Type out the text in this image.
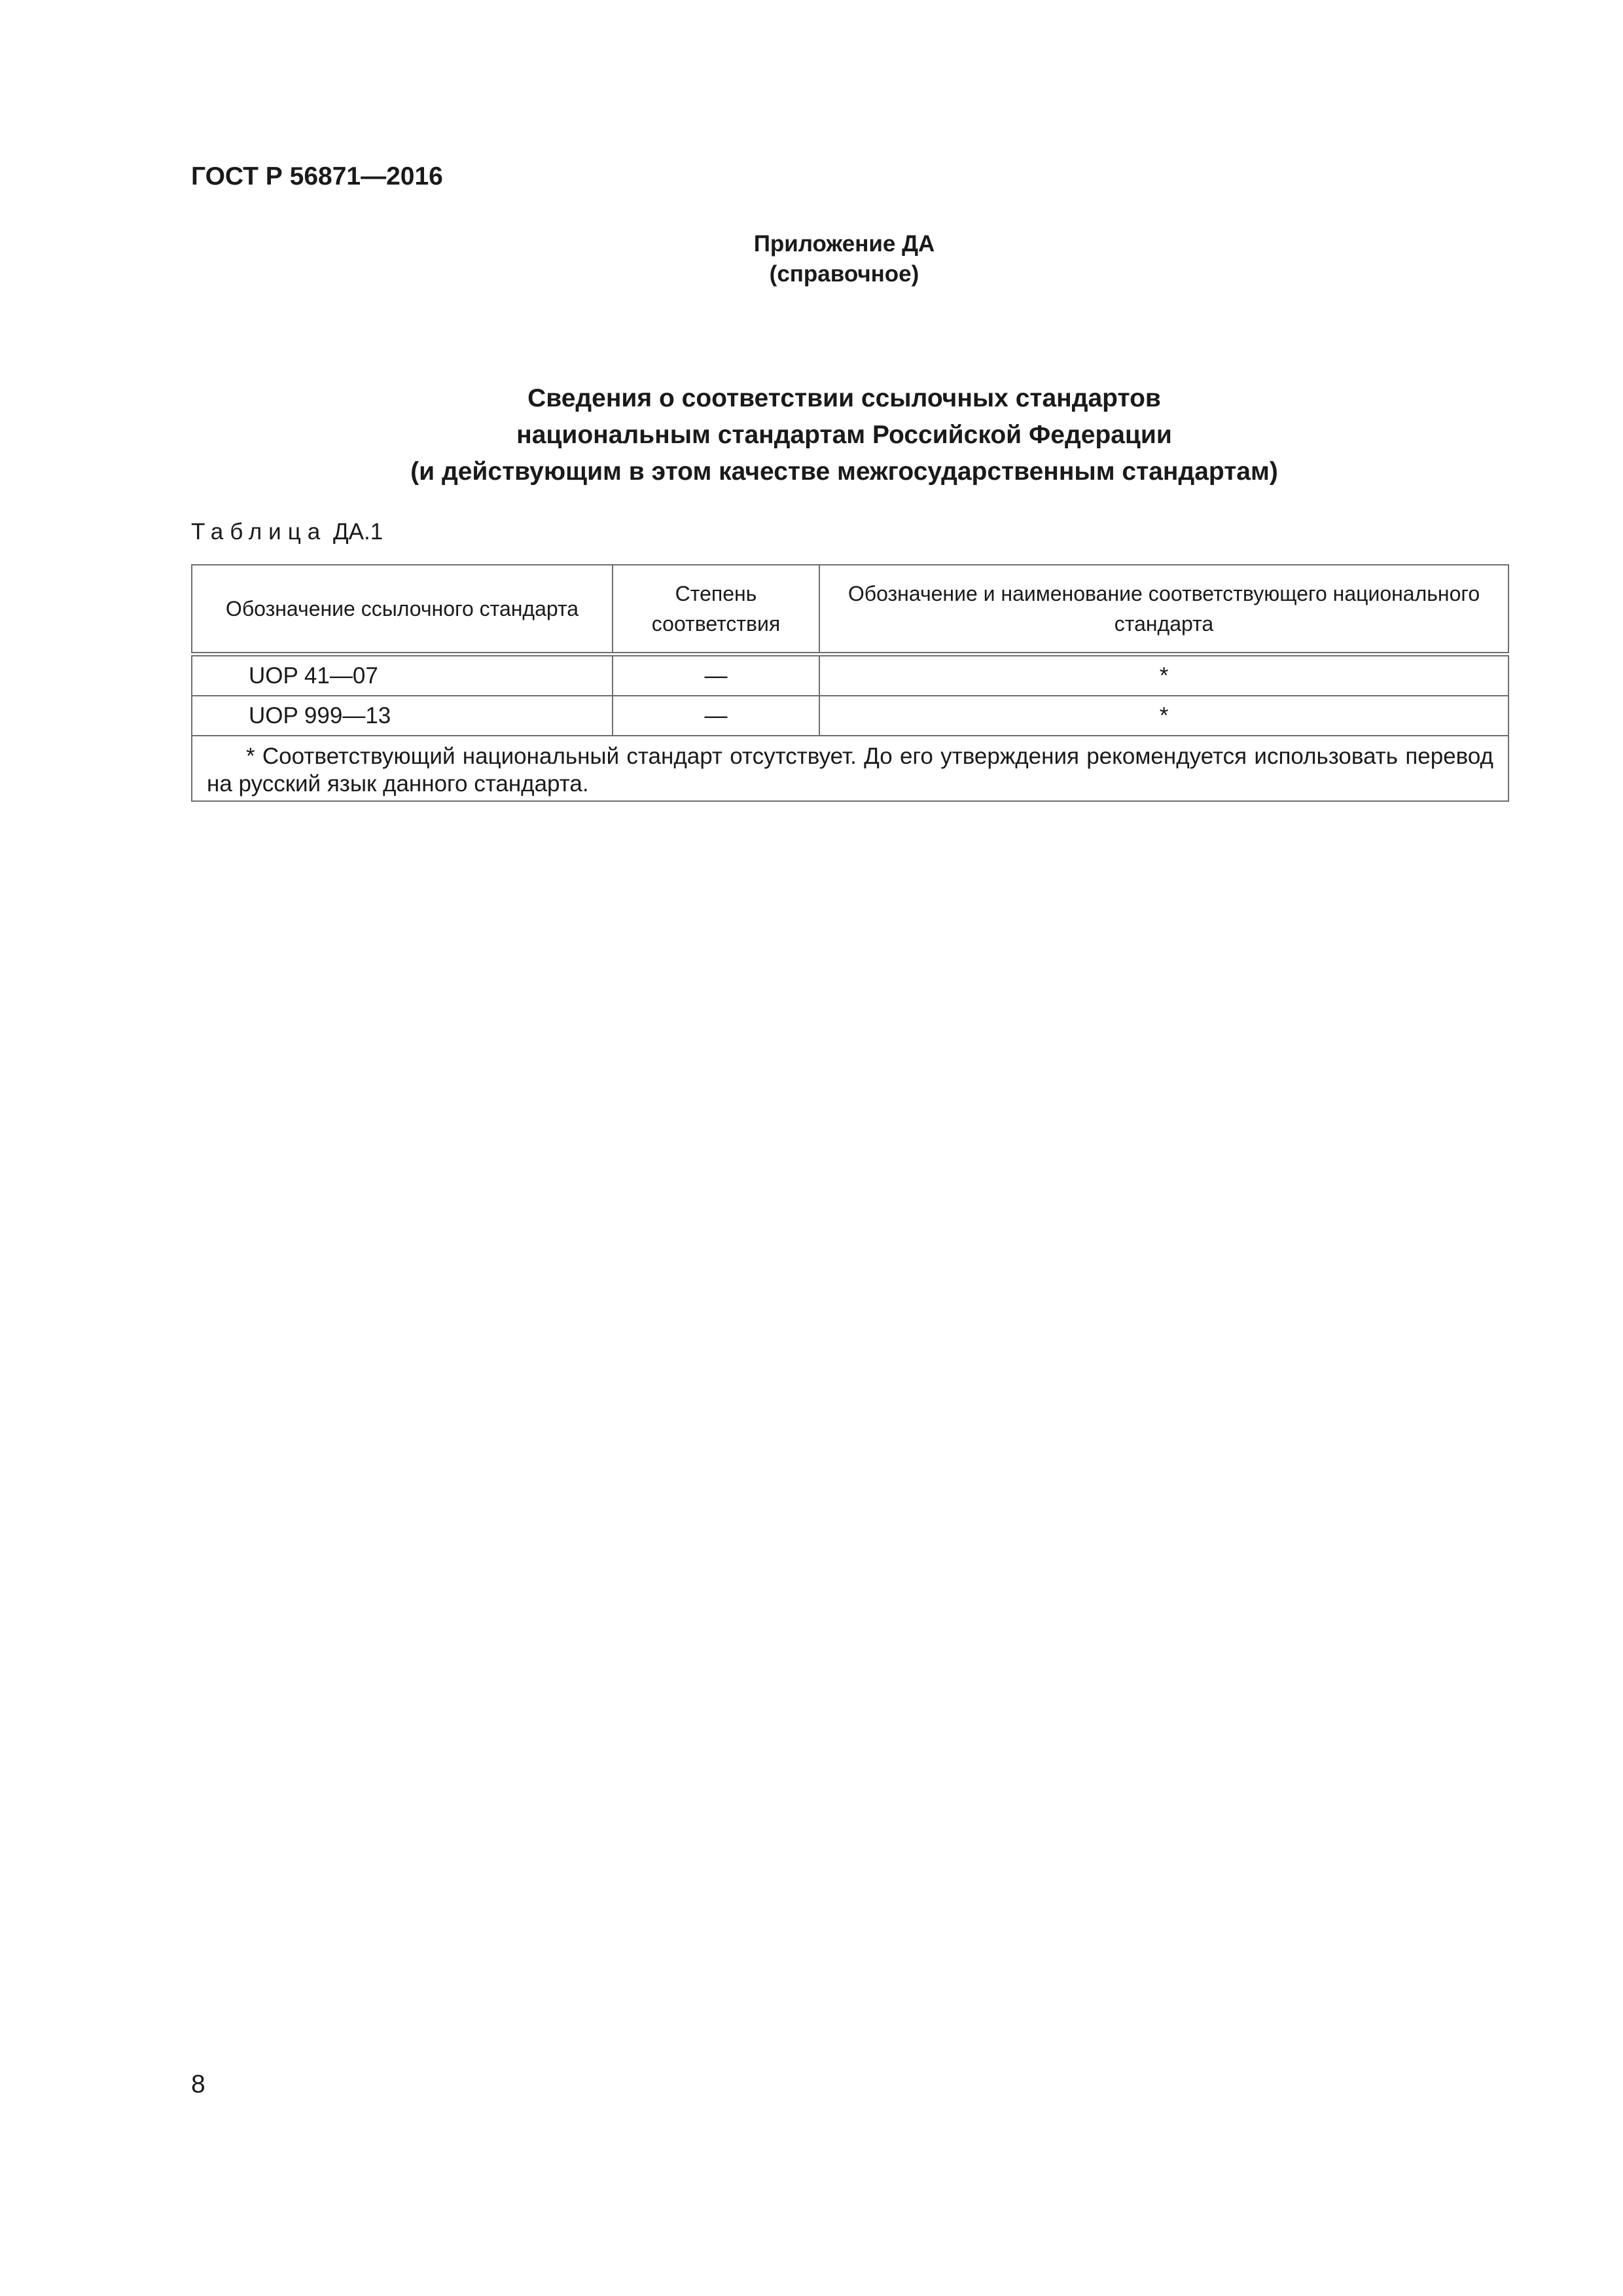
ГОСТ Р 56871—2016
Приложение ДА
(справочное)
Сведения о соответствии ссылочных стандартов
национальным стандартам Российской Федерации
(и действующим в этом качестве межгосударственным стандартам)
Таблица ДА.1
Обозначение ссылочного стандарта	Степень соответствия	Обозначение и наименование соответствующего национального стандарта
UOP 41—07	—	*
UOP 999—13	—	*
* Соответствующий национальный стандарт отсутствует. До его утверждения рекомендуется использовать перевод на русский язык данного стандарта.		
8
